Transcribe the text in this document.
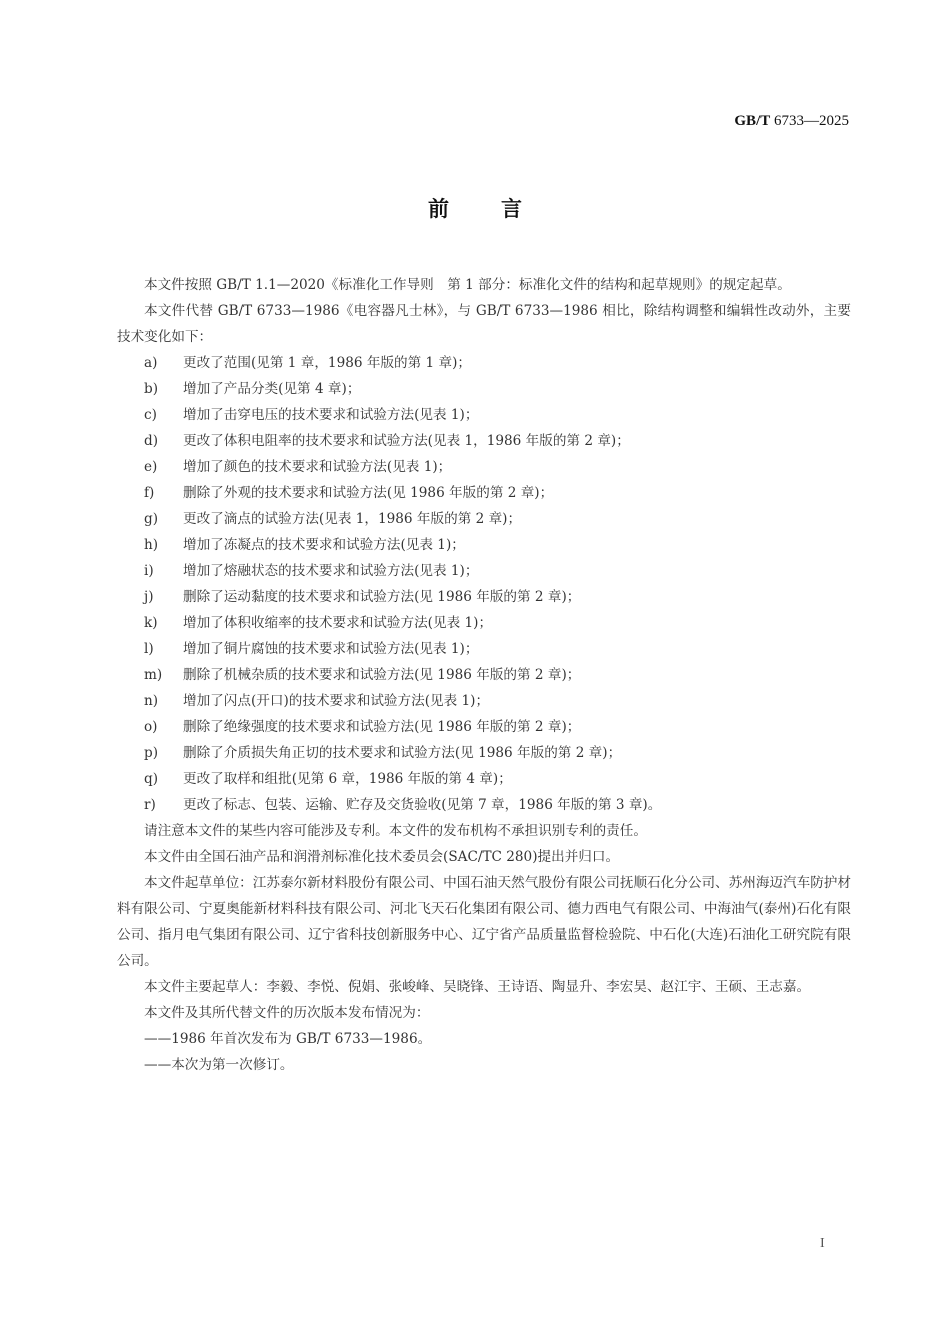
GB/T 6733—2025
前言

本文件按照 GB/T 1.1—2020《标准化工作导则　第 1 部分：标准化文件的结构和起草规则》的规定起草。

本文件代替 GB/T 6733—1986《电容器凡士林》，与 GB/T 6733—1986 相比，除结构调整和编辑性改动外，主要技术变化如下：

a)	更改了范围(见第 1 章，1986 年版的第 1 章)；
b)	增加了产品分类(见第 4 章)；
c)	增加了击穿电压的技术要求和试验方法(见表 1)；
d)	更改了体积电阻率的技术要求和试验方法(见表 1，1986 年版的第 2 章)；
e)	增加了颜色的技术要求和试验方法(见表 1)；
f)	删除了外观的技术要求和试验方法(见 1986 年版的第 2 章)；
g)	更改了滴点的试验方法(见表 1，1986 年版的第 2 章)；
h)	增加了冻凝点的技术要求和试验方法(见表 1)；
i)	增加了熔融状态的技术要求和试验方法(见表 1)；
j)	删除了运动黏度的技术要求和试验方法(见 1986 年版的第 2 章)；
k)	增加了体积收缩率的技术要求和试验方法(见表 1)；
l)	增加了铜片腐蚀的技术要求和试验方法(见表 1)；
m)	删除了机械杂质的技术要求和试验方法(见 1986 年版的第 2 章)；
n)	增加了闪点(开口)的技术要求和试验方法(见表 1)；
o)	删除了绝缘强度的技术要求和试验方法(见 1986 年版的第 2 章)；
p)	删除了介质损失角正切的技术要求和试验方法(见 1986 年版的第 2 章)；
q)	更改了取样和组批(见第 6 章，1986 年版的第 4 章)；
r)	更改了标志、包装、运输、贮存及交货验收(见第 7 章，1986 年版的第 3 章)。

请注意本文件的某些内容可能涉及专利。本文件的发布机构不承担识别专利的责任。

本文件由全国石油产品和润滑剂标准化技术委员会(SAC/TC 280)提出并归口。

本文件起草单位：江苏泰尔新材料股份有限公司、中国石油天然气股份有限公司抚顺石化分公司、苏州海迈汽车防护材料有限公司、宁夏奥能新材料科技有限公司、河北飞天石化集团有限公司、德力西电气有限公司、中海油气(泰州)石化有限公司、指月电气集团有限公司、辽宁省科技创新服务中心、辽宁省产品质量监督检验院、中石化(大连)石油化工研究院有限公司。

本文件主要起草人：李毅、李悦、倪娟、张峻峰、吴晓锋、王诗语、陶显升、李宏昊、赵江宇、王硕、王志嘉。

本文件及其所代替文件的历次版本发布情况为：

——1986 年首次发布为 GB/T 6733—1986。

——本次为第一次修订。

I
